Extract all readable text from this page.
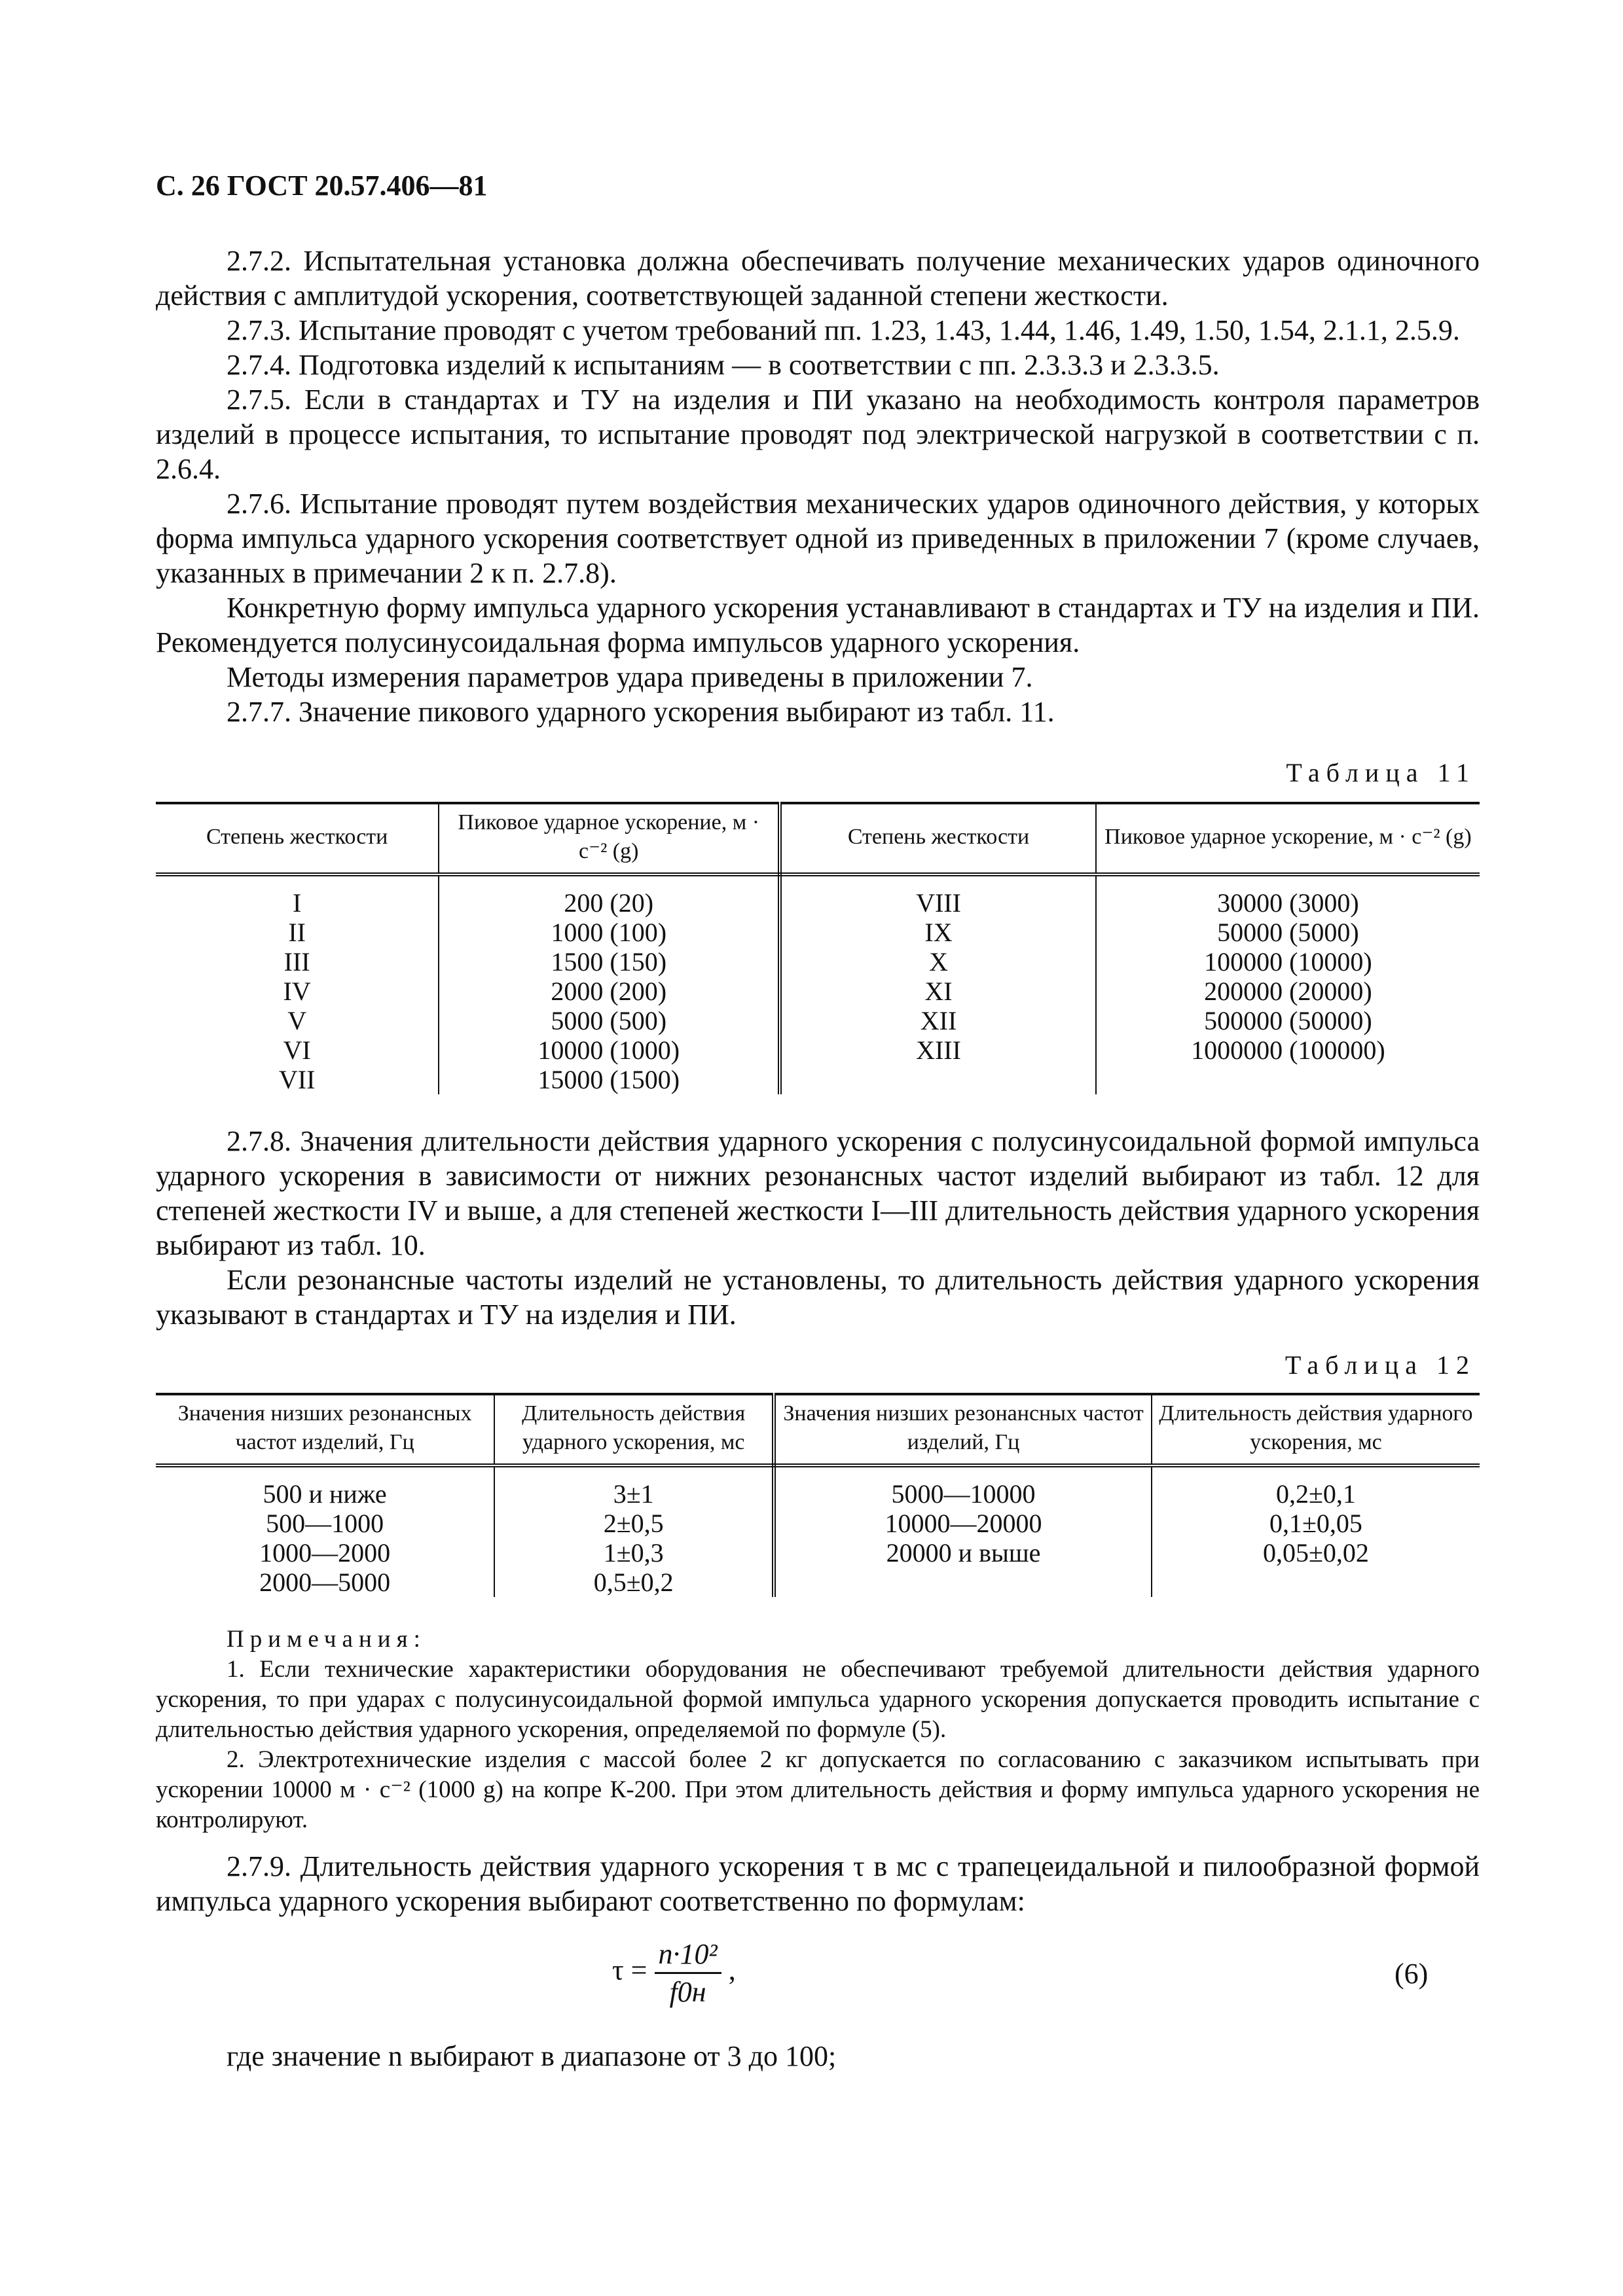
С. 26 ГОСТ 20.57.406—81

2.7.2. Испытательная установка должна обеспечивать получение механических ударов одиночного действия с амплитудой ускорения, соответствующей заданной степени жесткости.

2.7.3. Испытание проводят с учетом требований пп. 1.23, 1.43, 1.44, 1.46, 1.49, 1.50, 1.54, 2.1.1, 2.5.9.

2.7.4. Подготовка изделий к испытаниям — в соответствии с пп. 2.3.3.3 и 2.3.3.5.

2.7.5. Если в стандартах и ТУ на изделия и ПИ указано на необходимость контроля параметров изделий в процессе испытания, то испытание проводят под электрической нагрузкой в соответствии с п. 2.6.4.

2.7.6. Испытание проводят путем воздействия механических ударов одиночного действия, у которых форма импульса ударного ускорения соответствует одной из приведенных в приложении 7 (кроме случаев, указанных в примечании 2 к п. 2.7.8).

Конкретную форму импульса ударного ускорения устанавливают в стандартах и ТУ на изделия и ПИ. Рекомендуется полусинусоидальная форма импульсов ударного ускорения.

Методы измерения параметров удара приведены в приложении 7.

2.7.7. Значение пикового ударного ускорения выбирают из табл. 11.

Таблица 11
Степень жесткости	Пиковое ударное ускорение, м · с⁻² (g)	Степень жесткости	Пиковое ударное ускорение, м · с⁻² (g)
I	200 (20)	VIII	30000 (3000)
II	1000 (100)	IX	50000 (5000)
III	1500 (150)	X	100000 (10000)
IV	2000 (200)	XI	200000 (20000)
V	5000 (500)	XII	500000 (50000)
VI	10000 (1000)	XIII	1000000 (100000)
VII	15000 (1500)		

2.7.8. Значения длительности действия ударного ускорения с полусинусоидальной формой импульса ударного ускорения в зависимости от нижних резонансных частот изделий выбирают из табл. 12 для степеней жесткости IV и выше, а для степеней жесткости I—III длительность действия ударного ускорения выбирают из табл. 10.

Если резонансные частоты изделий не установлены, то длительность действия ударного ускорения указывают в стандартах и ТУ на изделия и ПИ.

Таблица 12
Значения низших резонансных частот изделий, Гц	Длительность действия ударного ускорения, мс	Значения низших резонансных частот изделий, Гц	Длительность действия ударного ускорения, мс
500 и ниже	3±1	5000—10000	0,2±0,1
500—1000	2±0,5	10000—20000	0,1±0,05
1000—2000	1±0,3	20000 и выше	0,05±0,02
2000—5000	0,5±0,2		

Примечания:

1. Если технические характеристики оборудования не обеспечивают требуемой длительности действия ударного ускорения, то при ударах с полусинусоидальной формой импульса ударного ускорения допускается проводить испытание с длительностью действия ударного ускорения, определяемой по формуле (5).

2. Электротехнические изделия с массой более 2 кг допускается по согласованию с заказчиком испытывать при ускорении 10000 м · с⁻² (1000 g) на копре К-200. При этом длительность действия и форму импульса ударного ускорения не контролируют.

2.7.9. Длительность действия ударного ускорения τ в мс с трапецеидальной и пилообразной формой импульса ударного ускорения выбирают соответственно по формулам:

$\tau = \frac{\text{n·10²}}{f0н}$ ,	(6)

где значение n выбирают в диапазоне от 3 до 100;
